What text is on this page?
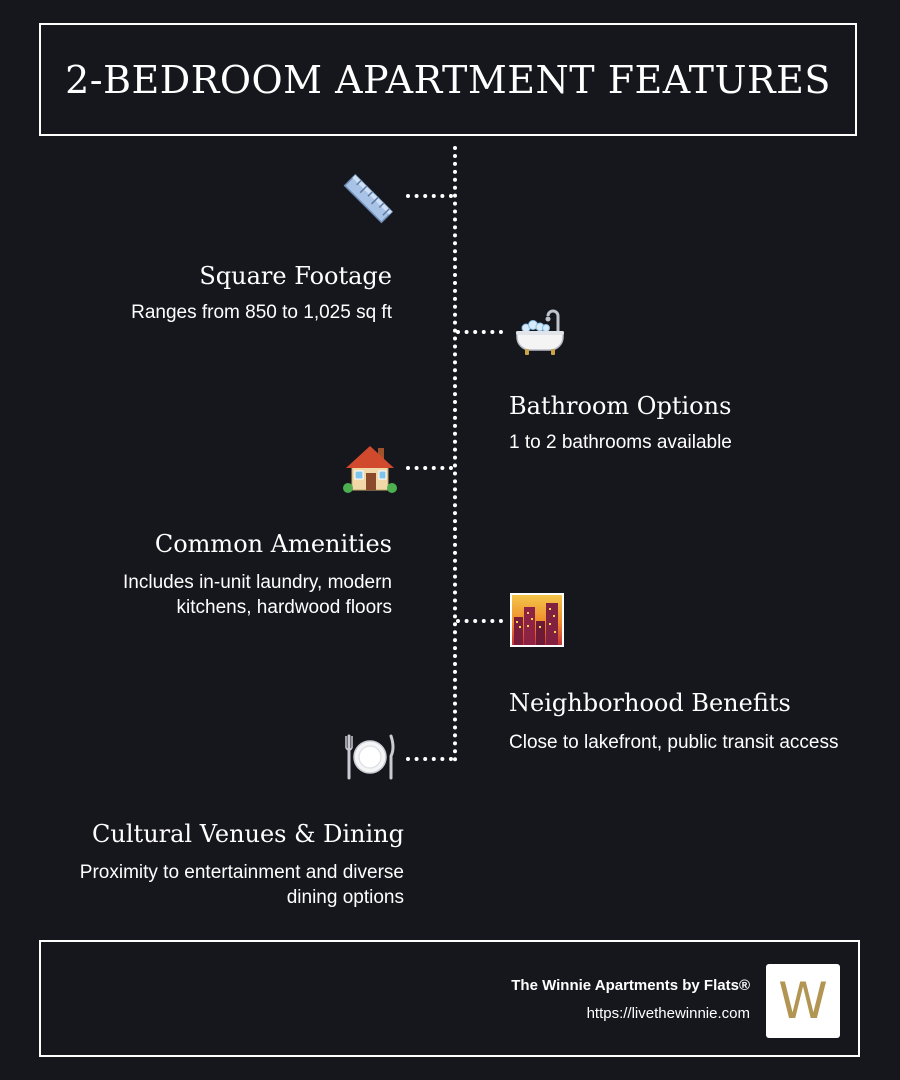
2-BEDROOM APARTMENT FEATURES
Square Footage
Ranges from 850 to 1,025 sq ft
Bathroom Options
1 to 2 bathrooms available
Common Amenities
Includes in-unit laundry, modern kitchens, hardwood floors
Neighborhood Benefits
Close to lakefront, public transit access
Cultural Venues & Dining
Proximity to entertainment and diverse dining options
The Winnie Apartments by Flats®
https://livethewinnie.com W
